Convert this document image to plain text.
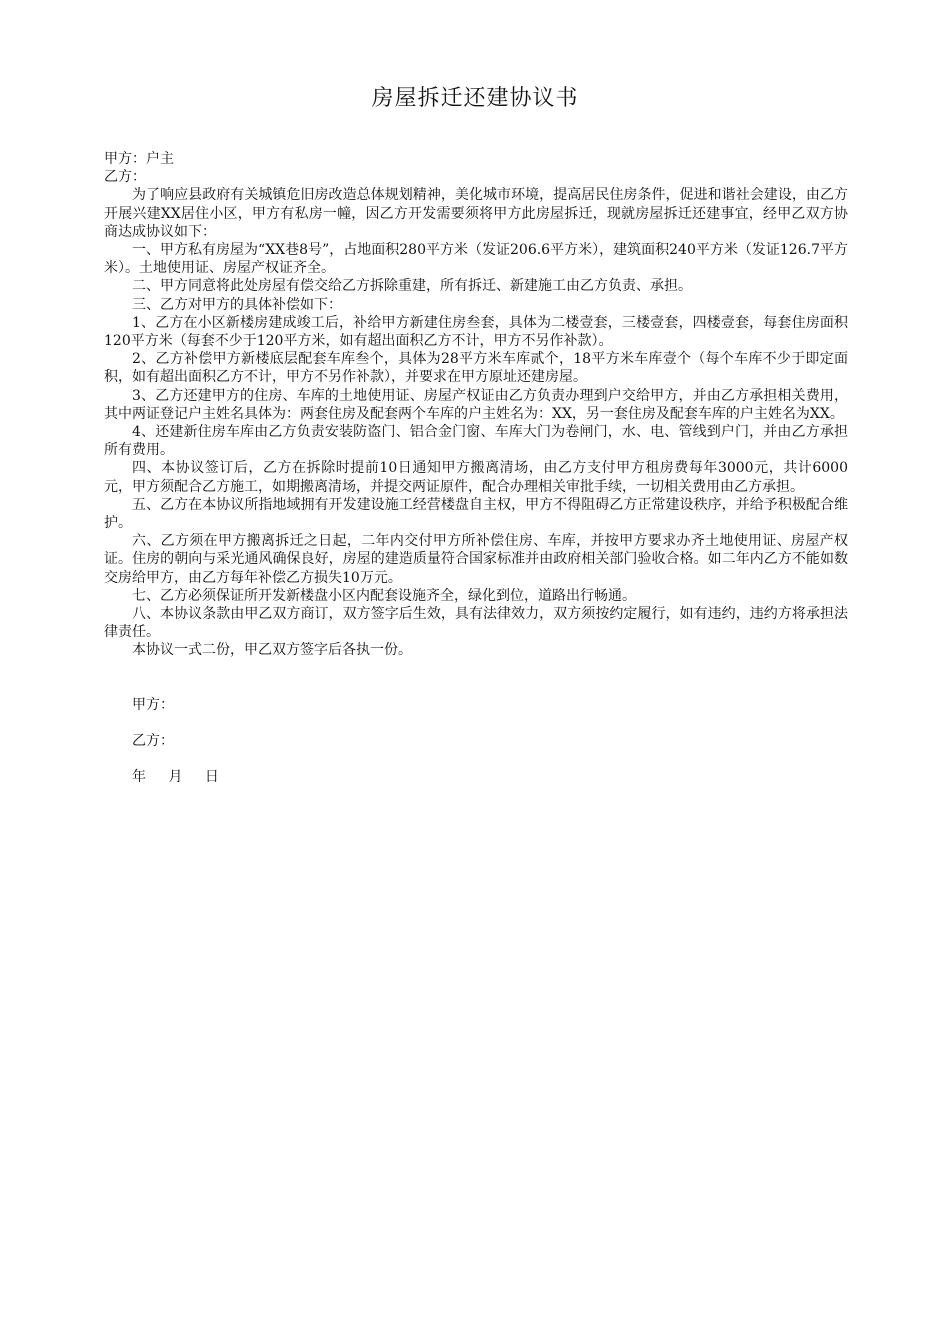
房屋拆迁还建协议书

甲方：户主

乙方：

为了响应县政府有关城镇危旧房改造总体规划精神，美化城市环境，提高居民住房条件，促进和谐社会建设，由乙方开展兴建XX居住小区，甲方有私房一幢，因乙方开发需要须将甲方此房屋拆迁，现就房屋拆迁还建事宜，经甲乙双方协商达成协议如下：

一、甲方私有房屋为“XX巷8号”，占地面积280平方米（发证206.6平方米），建筑面积240平方米（发证126.7平方米）。土地使用证、房屋产权证齐全。

二、甲方同意将此处房屋有偿交给乙方拆除重建，所有拆迁、新建施工由乙方负责、承担。

三、乙方对甲方的具体补偿如下：

1、乙方在小区新楼房建成竣工后，补给甲方新建住房叁套，具体为二楼壹套，三楼壹套，四楼壹套，每套住房面积120平方米（每套不少于120平方米，如有超出面积乙方不计，甲方不另作补款）。

2、乙方补偿甲方新楼底层配套车库叁个，具体为28平方米车库贰个，18平方米车库壹个（每个车库不少于即定面积，如有超出面积乙方不计，甲方不另作补款），并要求在甲方原址还建房屋。

3、乙方还建甲方的住房、车库的土地使用证、房屋产权证由乙方负责办理到户交给甲方，并由乙方承担相关费用，其中两证登记户主姓名具体为：两套住房及配套两个车库的户主姓名为：XX，另一套住房及配套车库的户主姓名为XX。

4、还建新住房车库由乙方负责安装防盗门、铝合金门窗、车库大门为卷闸门，水、电、管线到户门，并由乙方承担所有费用。

四、本协议签订后，乙方在拆除时提前10日通知甲方搬离清场，由乙方支付甲方租房费每年3000元，共计6000元，甲方须配合乙方施工，如期搬离清场，并提交两证原件，配合办理相关审批手续，一切相关费用由乙方承担。

五、乙方在本协议所指地域拥有开发建设施工经营楼盘自主权，甲方不得阻碍乙方正常建设秩序，并给予积极配合维护。

六、乙方须在甲方搬离拆迁之日起，二年内交付甲方所补偿住房、车库，并按甲方要求办齐土地使用证、房屋产权证。住房的朝向与采光通风确保良好，房屋的建造质量符合国家标准并由政府相关部门验收合格。如二年内乙方不能如数交房给甲方，由乙方每年补偿乙方损失10万元。

七、乙方必须保证所开发新楼盘小区内配套设施齐全，绿化到位，道路出行畅通。

八、本协议条款由甲乙双方商订，双方签字后生效，具有法律效力，双方须按约定履行，如有违约，违约方将承担法律责任。

本协议一式二份，甲乙双方签字后各执一份。

甲方：

乙方：

年 月 日
